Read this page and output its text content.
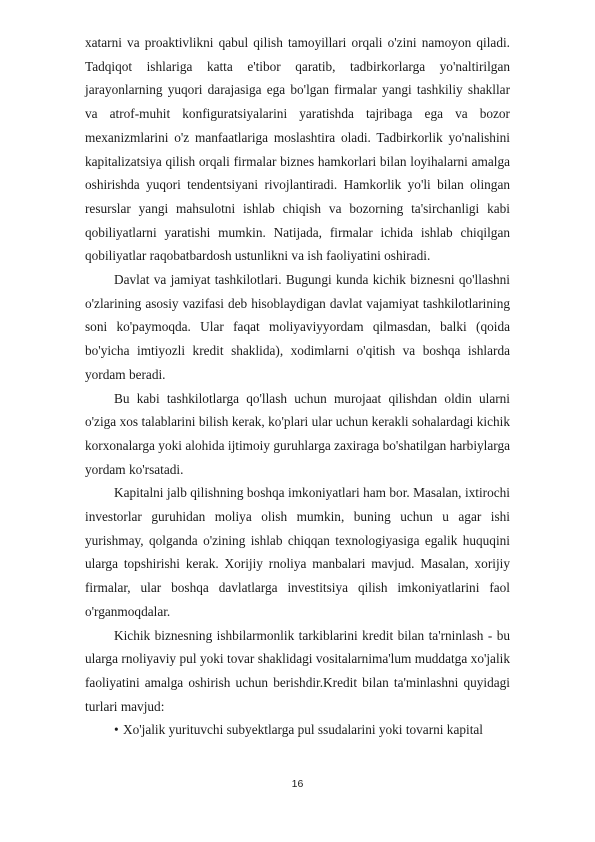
xatarni va proaktivlikni qabul qilish tamoyillari orqali o'zini namoyon qiladi. Tadqiqot ishlariga katta e'tibor qaratib, tadbirkorlarga yo'naltirilgan jarayonlarning yuqori darajasiga ega bo'lgan firmalar yangi tashkiliy shakllar va atrof-muhit konfiguratsiyalarini yaratishda tajribaga ega va bozor mexanizmlarini o'z manfaatlariga moslashtira oladi. Tadbirkorlik yo'nalishini kapitalizatsiya qilish orqali firmalar biznes hamkorlari bilan loyihalarni amalga oshirishda yuqori tendentsiyani rivojlantiradi. Hamkorlik yo'li bilan olingan resurslar yangi mahsulotni ishlab chiqish va bozorning ta'sirchanligi kabi qobiliyatlarni yaratishi mumkin. Natijada, firmalar ichida ishlab chiqilgan qobiliyatlar raqobatbardosh ustunlikni va ish faoliyatini oshiradi.

Davlat va jamiyat tashkilotlari. Bugungi kunda kichik biznesni qo'llashni o'zlarining asosiy vazifasi deb hisoblaydigan davlat vajamiyat tashkilotlarining soni ko'paymoqda. Ular faqat moliyaviyyordam qilmasdan, balki (qoida bo'yicha imtiyozli kredit shaklida), xodimlarni o'qitish va boshqa ishlarda yordam beradi.

Bu kabi tashkilotlarga qo'llash uchun murojaat qilishdan oldin ularni o'ziga xos talablarini bilish kerak, ko'plari ular uchun kerakli sohalardagi kichik korxonalarga yoki alohida ijtimoiy guruhlarga zaxiraga bo'shatilgan harbiylarga yordam ko'rsatadi.

Kapitalni jalb qilishning boshqa imkoniyatlari ham bor. Masalan, ixtirochi investorlar guruhidan moliya olish mumkin, buning uchun u agar ishi yurishmay, qolganda o'zining ishlab chiqqan texnologiyasiga egalik huquqini ularga topshirishi kerak. Xorijiy rnoliya manbalari mavjud. Masalan, xorijiy firmalar, ular boshqa davlatlarga investitsiya qilish imkoniyatlarini faol o'rganmoqdalar.

Kichik biznesning ishbilarmonlik tarkiblarini kredit bilan ta'rninlash - bu ularga rnoliyaviy pul yoki tovar shaklidagi vositalarnima'lum muddatga xo'jalik faoliyatini amalga oshirish uchun berishdir.Kredit bilan ta'minlashni quyidagi turlari mavjud:

• Xo'jalik yurituvchi subyektlarga pul ssudalarini yoki tovarni kapital

16
